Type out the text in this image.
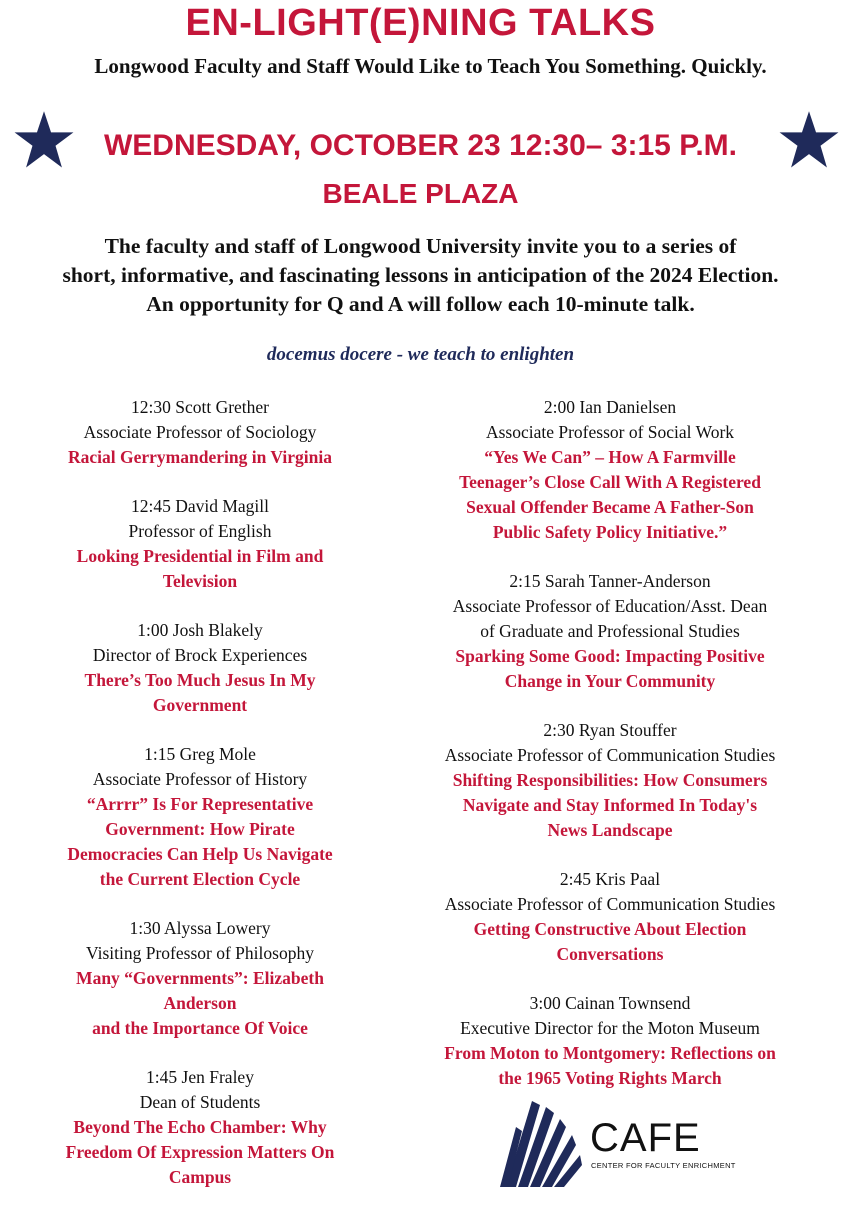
EN-LIGHT(E)NING TALKS
Longwood Faculty and Staff Would Like to Teach You Something. Quickly.
WEDNESDAY, OCTOBER 23 12:30– 3:15 P.M.
BEALE PLAZA
The faculty and staff of Longwood University invite you to a series of
short, informative, and fascinating lessons in anticipation of the 2024 Election.
An opportunity for Q and A will follow each 10-minute talk.
docemus docere - we teach to enlighten
12:30 Scott Grether
Associate Professor of Sociology
Racial Gerrymandering in Virginia
12:45 David Magill
Professor of English
Looking Presidential in Film and
Television
1:00 Josh Blakely
Director of Brock Experiences
There’s Too Much Jesus In My
Government
1:15 Greg Mole
Associate Professor of History
“Arrrr” Is For Representative
Government: How Pirate
Democracies Can Help Us Navigate
the Current Election Cycle
1:30 Alyssa Lowery
Visiting Professor of Philosophy
Many “Governments”: Elizabeth
Anderson
and the Importance Of Voice
1:45 Jen Fraley
Dean of Students
Beyond The Echo Chamber: Why
Freedom Of Expression Matters On
Campus
2:00 Ian Danielsen
Associate Professor of Social Work
“Yes We Can” – How A Farmville
Teenager’s Close Call With A Registered
Sexual Offender Became A Father-Son
Public Safety Policy Initiative.”
2:15 Sarah Tanner-Anderson
Associate Professor of Education/Asst. Dean
of Graduate and Professional Studies
Sparking Some Good: Impacting Positive
Change in Your Community
2:30 Ryan Stouffer
Associate Professor of Communication Studies
Shifting Responsibilities: How Consumers
Navigate and Stay Informed In Today's
News Landscape
2:45 Kris Paal
Associate Professor of Communication Studies
Getting Constructive About Election
Conversations
3:00 Cainan Townsend
Executive Director for the Moton Museum
From Moton to Montgomery: Reflections on
the 1965 Voting Rights March
CAFE
CENTER FOR FACULTY ENRICHMENT
